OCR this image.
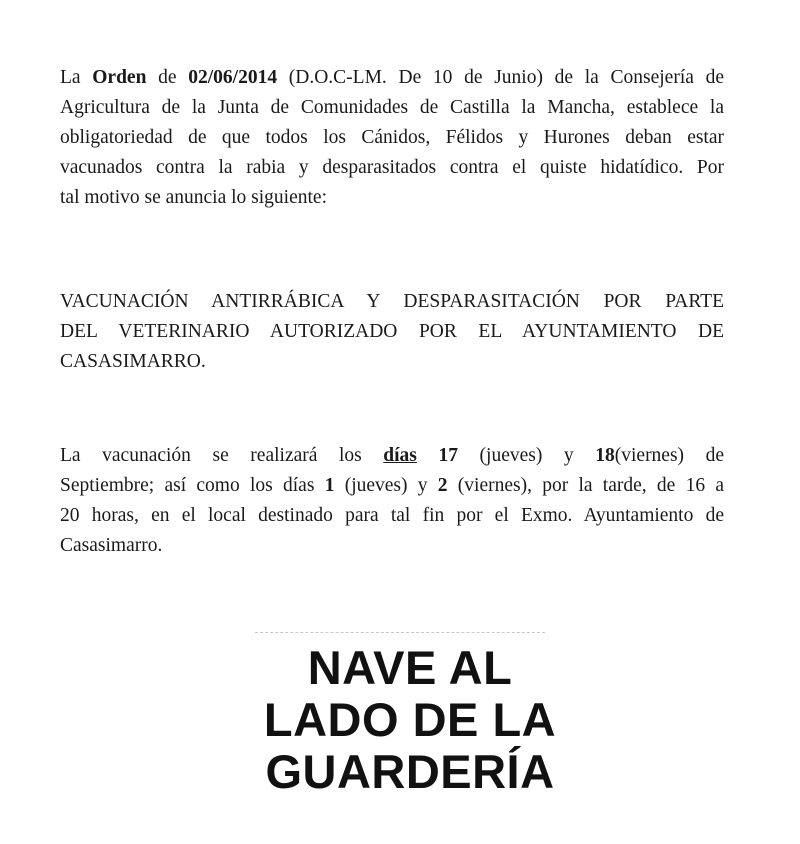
La Orden de 02/06/2014 (D.O.C-LM. De 10 de Junio) de la Consejería de
Agricultura de la Junta de Comunidades de Castilla la Mancha, establece la
obligatoriedad de que todos los Cánidos, Félidos y Hurones deban estar
vacunados contra la rabia y desparasitados contra el quiste hidatídico. Por
tal motivo se anuncia lo siguiente:

VACUNACIÓN ANTIRRÁBICA Y DESPARASITACIÓN POR PARTE
DEL VETERINARIO AUTORIZADO POR EL AYUNTAMIENTO DE
CASASIMARRO.

La vacunación se realizará los días 17 (jueves) y 18(viernes) de
Septiembre; así como los días 1 (jueves) y 2 (viernes), por la tarde, de 16 a
20 horas, en el local destinado para tal fin por el Exmo. Ayuntamiento de
Casasimarro.

NAVE AL
LADO DE LA
GUARDERÍA
